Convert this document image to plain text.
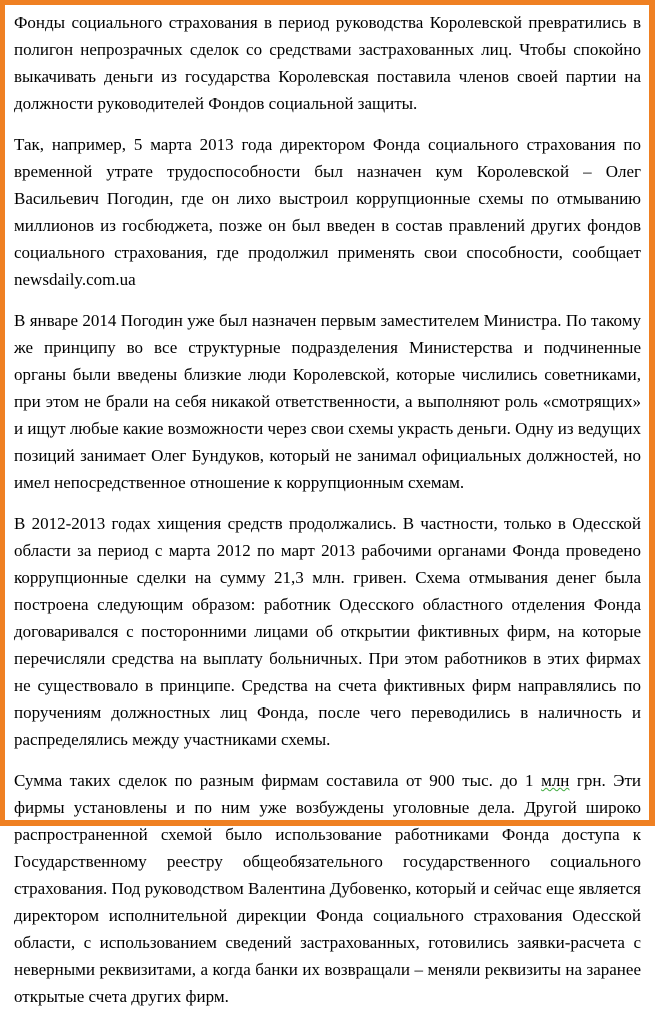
Фонды социального страхования в период руководства Королевской превратились в полигон непрозрачных сделок со средствами застрахованных лиц. Чтобы спокойно выкачивать деньги из государства Королевская поставила членов своей партии на должности руководителей Фондов социальной защиты.

Так, например, 5 марта 2013 года директором Фонда социального страхования по временной утрате трудоспособности был назначен кум Королевской – Олег Васильевич Погодин, где он лихо выстроил коррупционные схемы по отмыванию миллионов из госбюджета, позже он был введен в состав правлений других фондов социального страхования, где продолжил применять свои способности, сообщает newsdaily.com.ua

В январе 2014 Погодин уже был назначен первым заместителем Министра. По такому же принципу во все структурные подразделения Министерства и подчиненные органы были введены близкие люди Королевской, которые числились советниками, при этом не брали на себя никакой ответственности, а выполняют роль «смотрящих» и ищут любые какие возможности через свои схемы украсть деньги. Одну из ведущих позиций занимает Олег Бундуков, который не занимал официальных должностей, но имел непосредственное отношение к коррупционным схемам.

В 2012-2013 годах хищения средств продолжались. В частности, только в Одесской области за период с марта 2012 по март 2013 рабочими органами Фонда проведено коррупционные сделки на сумму 21,3 млн. гривен. Схема отмывания денег была построена следующим образом: работник Одесского областного отделения Фонда договаривался с посторонними лицами об открытии фиктивных фирм, на которые перечисляли средства на выплату больничных. При этом работников в этих фирмах не существовало в принципе. Средства на счета фиктивных фирм направлялись по поручениям должностных лиц Фонда, после чего переводились в наличность и распределялись между участниками схемы.

Сумма таких сделок по разным фирмам составила от 900 тыс. до 1 млн грн. Эти фирмы установлены и по ним уже возбуждены уголовные дела. Другой широко распространенной схемой было использование работниками Фонда доступа к Государственному реестру общеобязательного государственного социального страхования. Под руководством Валентина Дубовенко, который и сейчас еще является директором исполнительной дирекции Фонда социального страхования Одесской области, с использованием сведений застрахованных, готовились заявки-расчета с неверными реквизитами, а когда банки их возвращали – меняли реквизиты на заранее открытые счета других фирм.
